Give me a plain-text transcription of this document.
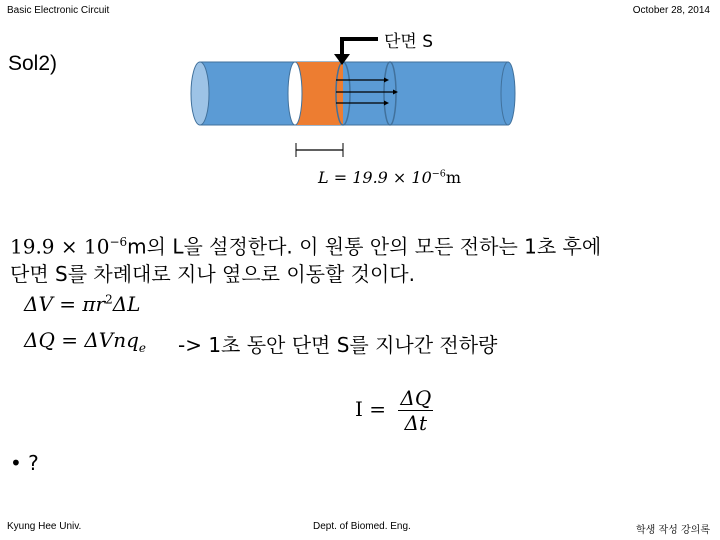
Basic Electronic Circuit	October 28, 2014
Sol2)
단면 S
$L = 19.9 \times 10^{-6}m$
$19.9 \times 10^{-6}m$의 L을 설정한다. 이 원통 안의 모든 전하는 1초 후에
단면 S를 차례대로 지나 옆으로 이동할 것이다.
$\Delta V = \pi r^2\Delta L$
ΔQ = ΔVnq$_e$ -> 1초 동안 단면 S를 지나간 전하량
$I = \frac{\Delta Q}{\Delta t}$
• ?
Kyung Hee Univ.	Dept. of Biomed. Eng.	학생 작성 강의록
